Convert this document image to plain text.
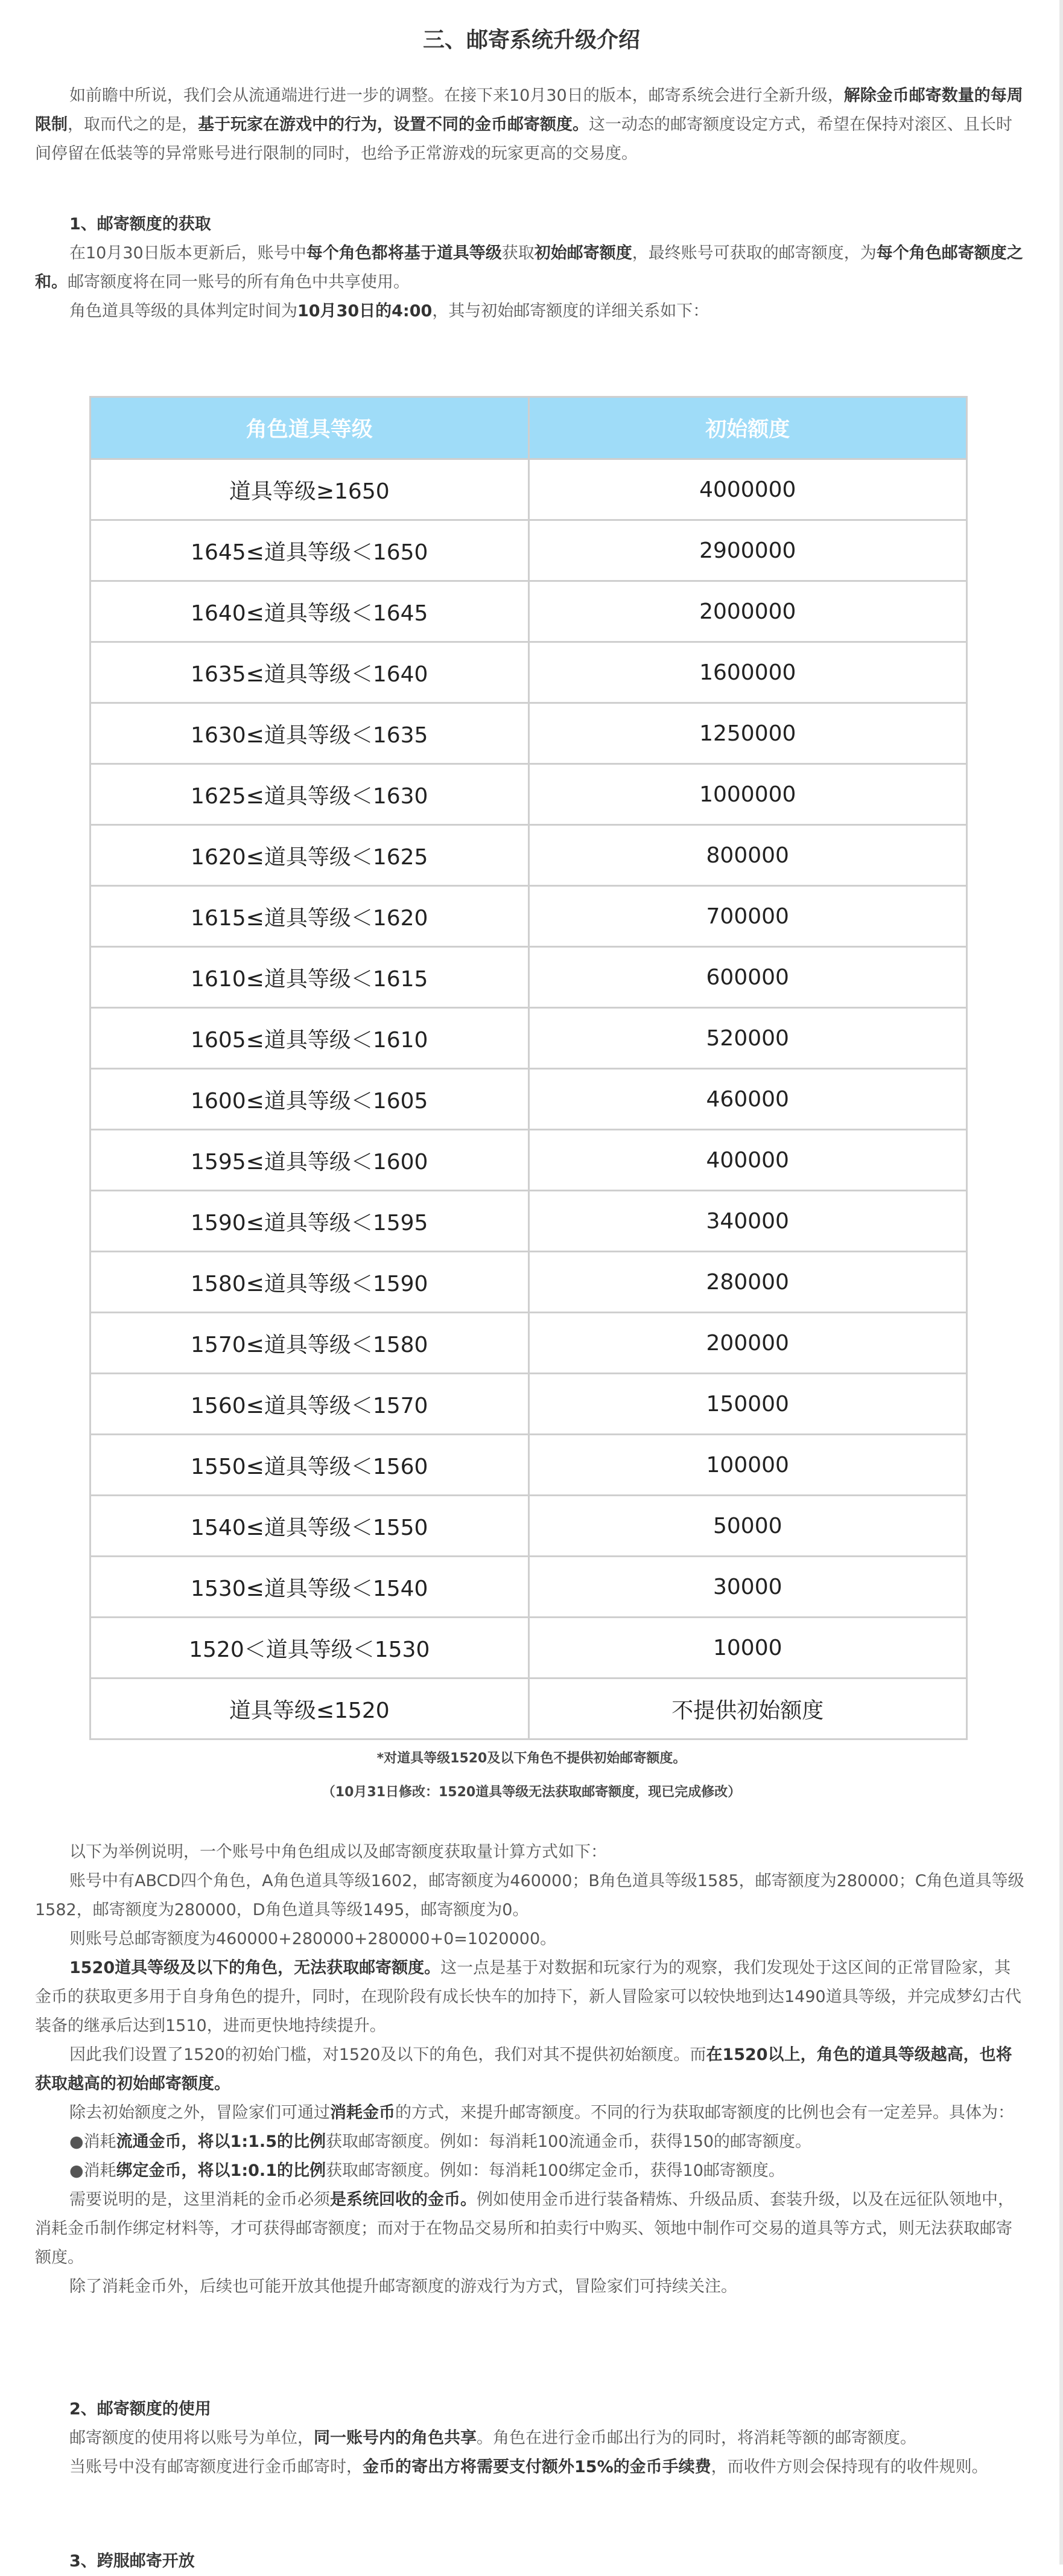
三、邮寄系统升级介绍

如前瞻中所说，我们会从流通端进行进一步的调整。在接下来10月30日的版本，邮寄系统会进行全新升级，解除金币邮寄数量的每周限制，取而代之的是，基于玩家在游戏中的行为，设置不同的金币邮寄额度。这一动态的邮寄额度设定方式，希望在保持对滚区、且长时间停留在低装等的异常账号进行限制的同时，也给予正常游戏的玩家更高的交易度。

1、邮寄额度的获取

在10月30日版本更新后，账号中每个角色都将基于道具等级获取初始邮寄额度，最终账号可获取的邮寄额度，为每个角色邮寄额度之和。邮寄额度将在同一账号的所有角色中共享使用。

角色道具等级的具体判定时间为10月30日的4:00，其与初始邮寄额度的详细关系如下：

角色道具等级	初始额度
道具等级≥1650	4000000
1645≤道具等级＜1650	2900000
1640≤道具等级＜1645	2000000
1635≤道具等级＜1640	1600000
1630≤道具等级＜1635	1250000
1625≤道具等级＜1630	1000000
1620≤道具等级＜1625	800000
1615≤道具等级＜1620	700000
1610≤道具等级＜1615	600000
1605≤道具等级＜1610	520000
1600≤道具等级＜1605	460000
1595≤道具等级＜1600	400000
1590≤道具等级＜1595	340000
1580≤道具等级＜1590	280000
1570≤道具等级＜1580	200000
1560≤道具等级＜1570	150000
1550≤道具等级＜1560	100000
1540≤道具等级＜1550	50000
1530≤道具等级＜1540	30000
1520＜道具等级＜1530	10000
道具等级≤1520	不提供初始额度
*对道具等级1520及以下角色不提供初始邮寄额度。
（10月31日修改：1520道具等级无法获取邮寄额度，现已完成修改）

以下为举例说明，一个账号中角色组成以及邮寄额度获取量计算方式如下：

账号中有ABCD四个角色，A角色道具等级1602，邮寄额度为460000；B角色道具等级1585，邮寄额度为280000；C角色道具等级1582，邮寄额度为280000，D角色道具等级1495，邮寄额度为0。

则账号总邮寄额度为460000+280000+280000+0=1020000。

1520道具等级及以下的角色，无法获取邮寄额度。这一点是基于对数据和玩家行为的观察，我们发现处于这区间的正常冒险家，其金币的获取更多用于自身角色的提升，同时，在现阶段有成长快车的加持下，新人冒险家可以较快地到达1490道具等级，并完成梦幻古代装备的继承后达到1510，进而更快地持续提升。

因此我们设置了1520的初始门槛，对1520及以下的角色，我们对其不提供初始额度。而在1520以上，角色的道具等级越高，也将获取越高的初始邮寄额度。

除去初始额度之外，冒险家们可通过消耗金币的方式，来提升邮寄额度。不同的行为获取邮寄额度的比例也会有一定差异。具体为：

●消耗流通金币，将以1:1.5的比例获取邮寄额度。例如：每消耗100流通金币，获得150的邮寄额度。

●消耗绑定金币，将以1:0.1的比例获取邮寄额度。例如：每消耗100绑定金币，获得10邮寄额度。

需要说明的是，这里消耗的金币必须是系统回收的金币。例如使用金币进行装备精炼、升级品质、套装升级，以及在远征队领地中，消耗金币制作绑定材料等，才可获得邮寄额度；而对于在物品交易所和拍卖行中购买、领地中制作可交易的道具等方式，则无法获取邮寄额度。

除了消耗金币外，后续也可能开放其他提升邮寄额度的游戏行为方式，冒险家们可持续关注。

2、邮寄额度的使用

邮寄额度的使用将以账号为单位，同一账号内的角色共享。角色在进行金币邮出行为的同时，将消耗等额的邮寄额度。

当账号中没有邮寄额度进行金币邮寄时，金币的寄出方将需要支付额外15%的金币手续费，而收件方则会保持现有的收件规则。

3、跨服邮寄开放
